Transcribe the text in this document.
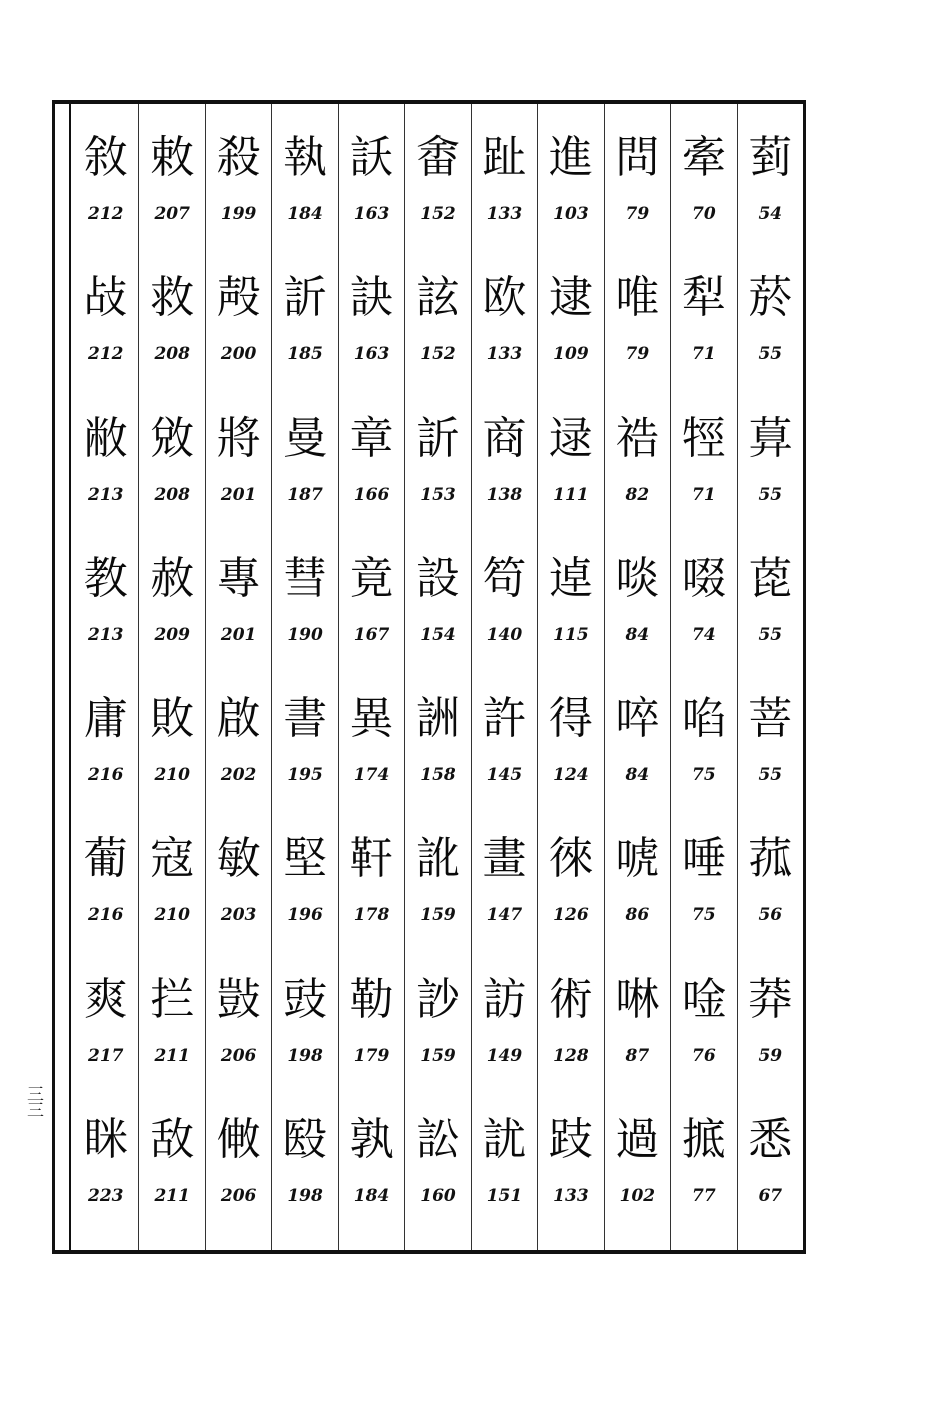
三三
菿
54
菸
55
萛
55
萞
55
菩
55
菰
56
莽
59
悉
67
牽
70
犁
71
牼
71
啜
74
啗
75
唾
75
唫
76
掋
77
問
79
唯
79
祰
82
啖
84
啐
84
唬
86
啉
87
過
102
進
103
逮
109
逯
111
逴
115
得
124
徠
126
術
128
跂
133
趾
133
欧
133
商
138
笱
140
許
145
畫
147
訪
149
訧
151
畬
152
詃
152
訢
153
設
154
詶
158
訛
159
訬
159
訟
160
訞
163
訣
163
章
166
竟
167
異
174
靬
178
勒
179
孰
184
執
184
訢
185
曼
187
彗
190
書
195
堅
196
豉
198
殹
198
殺
199
殸
200
將
201
專
201
啟
202
敏
203
敱
206
敒
206
敕
207
救
208
敓
208
赦
209
敗
210
寇
210
拦
211
敌
211
敘
212
敁
212
敝
213
教
213
庸
216
葡
216
爽
217
眯
223
